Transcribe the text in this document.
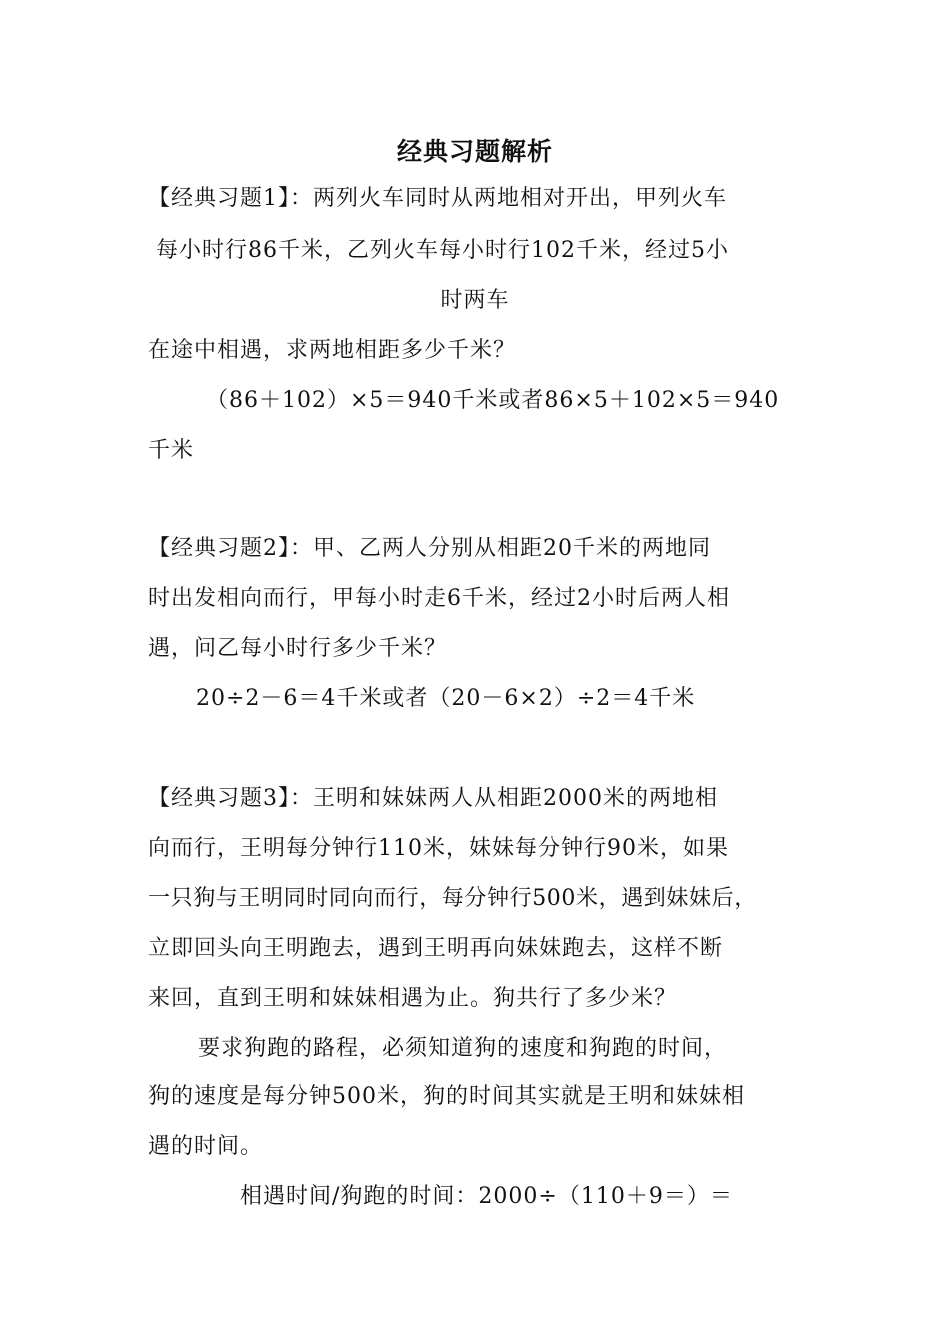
经典习题解析
【经典习题1】：两列火车同时从两地相对开出，甲列火车
每小时行86千米，乙列火车每小时行102千米，经过5小
时两车
在途中相遇，求两地相距多少千米？
（86＋102）×5＝940千米或者86×5＋102×5＝940
千米
【经典习题2】：甲、乙两人分别从相距20千米的两地同
时出发相向而行，甲每小时走6千米，经过2小时后两人相
遇，问乙每小时行多少千米？
20÷2－6＝4千米或者（20－6×2）÷2＝4千米
【经典习题3】：王明和妹妹两人从相距2000米的两地相
向而行，王明每分钟行110米，妹妹每分钟行90米，如果
一只狗与王明同时同向而行，每分钟行500米，遇到妹妹后，
立即回头向王明跑去，遇到王明再向妹妹跑去，这样不断
来回，直到王明和妹妹相遇为止。狗共行了多少米？
要求狗跑的路程，必须知道狗的速度和狗跑的时间，
狗的速度是每分钟500米，狗的时间其实就是王明和妹妹相
遇的时间。
相遇时间/狗跑的时间：2000÷（110＋9＝）＝
